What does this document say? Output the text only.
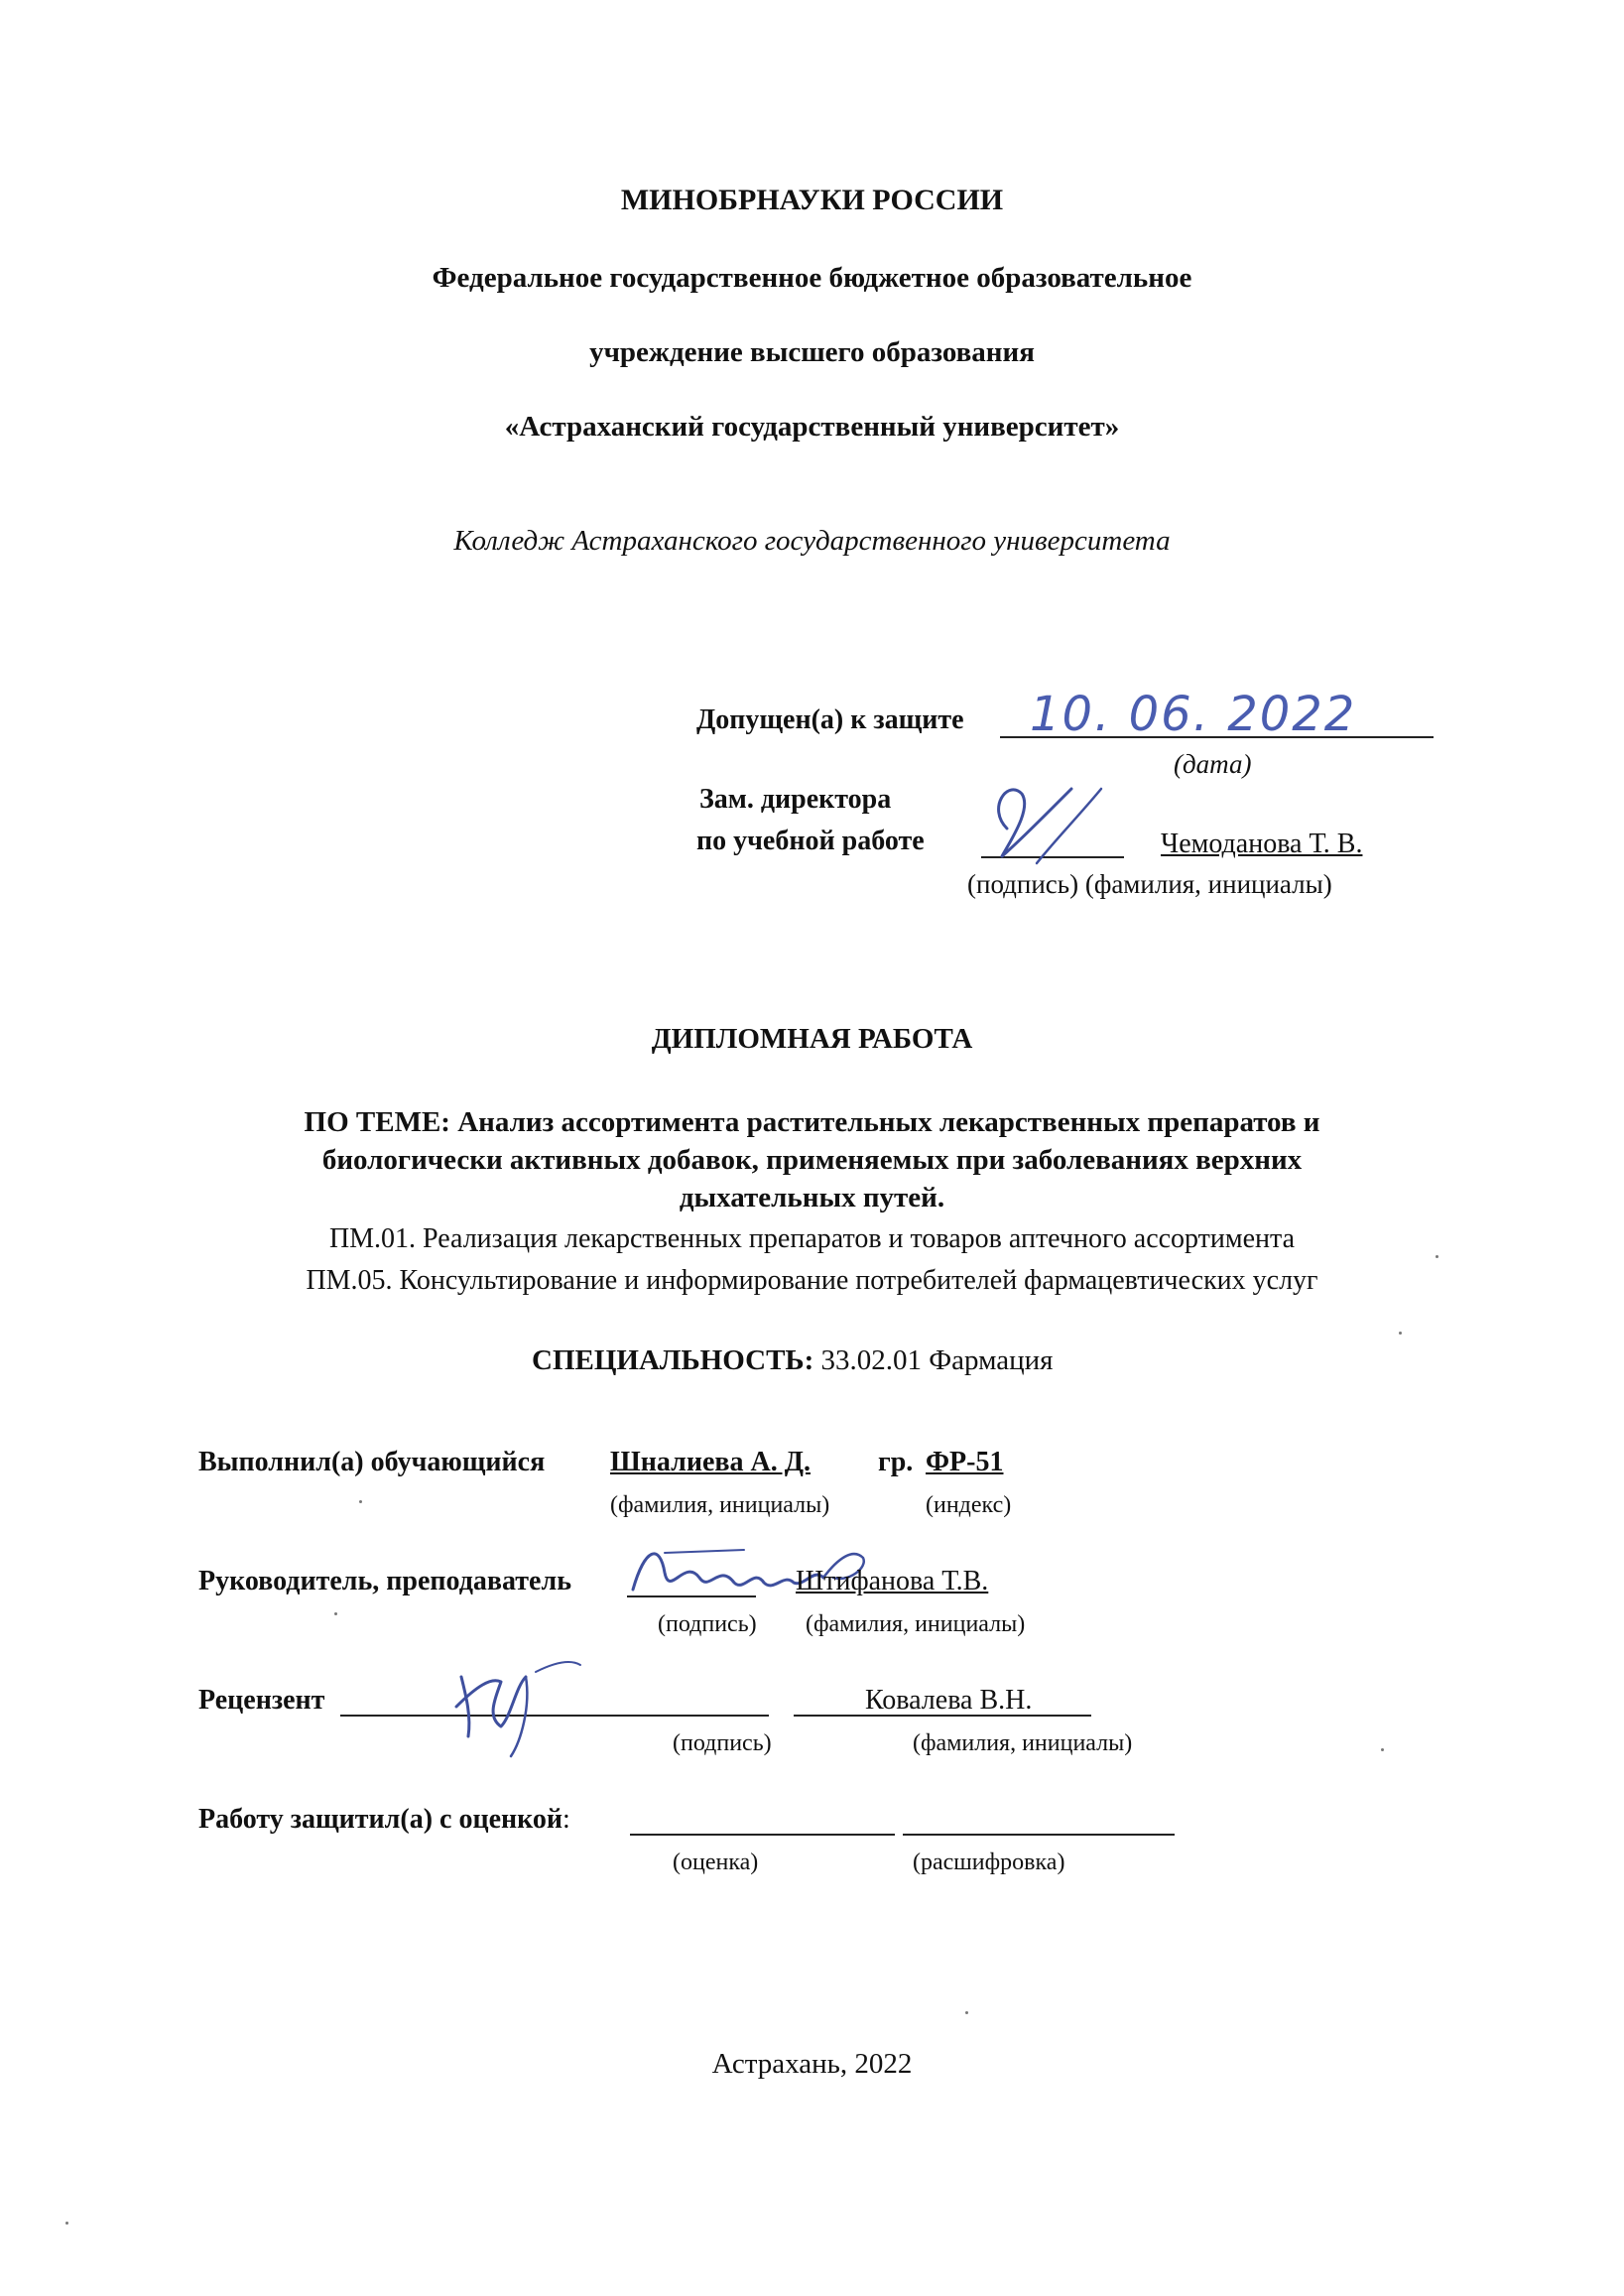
МИНОБРНАУКИ РОССИИ
Федеральное государственное бюджетное образовательное
учреждение высшего образования
«Астраханский государственный университет»
Колледж Астраханского государственного университета
Допущен(а) к защите 10. 06. 2022
(дата)
Зам. директора
по учебной работе	Чемоданова Т. В.
(подпись) (фамилия, инициалы)
ДИПЛОМНАЯ РАБОТА
ПО ТЕМЕ: Анализ ассортимента растительных лекарственных препаратов и
биологически активных добавок, применяемых при заболеваниях верхних
дыхательных путей.
ПМ.01. Реализация лекарственных препаратов и товаров аптечного ассортимента
ПМ.05. Консультирование и информирование потребителей фармацевтических услуг
СПЕЦИАЛЬНОСТЬ: 33.02.01 Фармация
Выполнил(а) обучающийся Шналиева А. Д. гр. ФР-51
(фамилия, инициалы)	(индекс)
Руководитель, преподаватель	Штифанова Т.В.
(подпись) (фамилия, инициалы)
Рецензент	Ковалева В.Н.
(подпись)	(фамилия, инициалы)
Работу защитил(а) с оценкой:
(оценка)	(расшифровка)
Астрахань, 2022
